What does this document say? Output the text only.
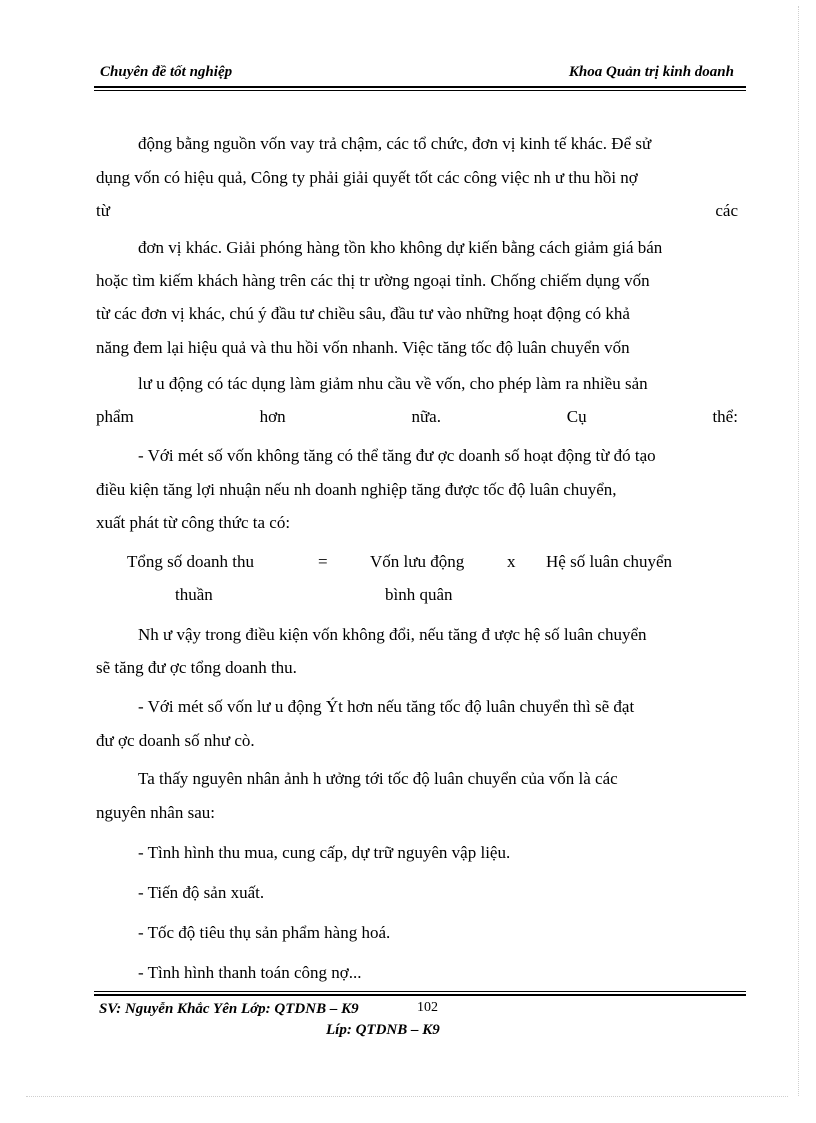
Chuyên đề tốt nghiệp	Khoa Quản trị kinh doanh
động bằng nguồn vốn vay trả chậm, các tổ chức, đơn vị kinh tế khác. Để sử
dụng vốn có hiệu quả, Công ty phải giải quyết tốt các công việc nh ư thu hồi nợ
từ	các
đơn vị khác. Giải phóng hàng tồn kho không dự kiến bằng cách giảm giá bán
hoặc tìm kiếm khách hàng trên các thị tr ường ngoại tỉnh. Chống chiếm dụng vốn
từ các đơn vị khác, chú ý đầu tư chiều sâu, đầu tư vào những hoạt động có khả
năng đem lại hiệu quả và thu hồi vốn nhanh. Việc tăng tốc độ luân chuyển vốn
lư u động có tác dụng làm giảm nhu cầu về vốn, cho phép làm ra nhiều sản
phẩm	hơn	nữa.	Cụ	thể:
- Với mét số vốn không tăng có thể tăng đư ợc doanh số hoạt động từ đó tạo
điều kiện tăng lợi nhuận nếu nh doanh nghiệp tăng được tốc độ luân chuyển,
xuất phát từ công thức ta có:
Tổng số doanh thu
thuần
= Vốn lưu động
bình quân
x Hệ số luân chuyển
Nh ư vậy trong điều kiện vốn không đổi, nếu tăng đ ược hệ số luân chuyển
sẽ tăng đư ợc tổng doanh thu.
- Với mét số vốn lư u động Ýt hơn nếu tăng tốc độ luân chuyển thì sẽ đạt
đư ợc doanh số như cò.
Ta thấy nguyên nhân ảnh h ưởng tới tốc độ luân chuyển của vốn là các
nguyên nhân sau:
- Tình hình thu mua, cung cấp, dự trữ nguyên vập liệu.
- Tiến độ sản xuất.
- Tốc độ tiêu thụ sản phẩm hàng hoá.
- Tình hình thanh toán công nợ...
SV: Nguyễn Khắc Yên Lớp: QTDNB – K9	102
Líp: QTDNB – K9
